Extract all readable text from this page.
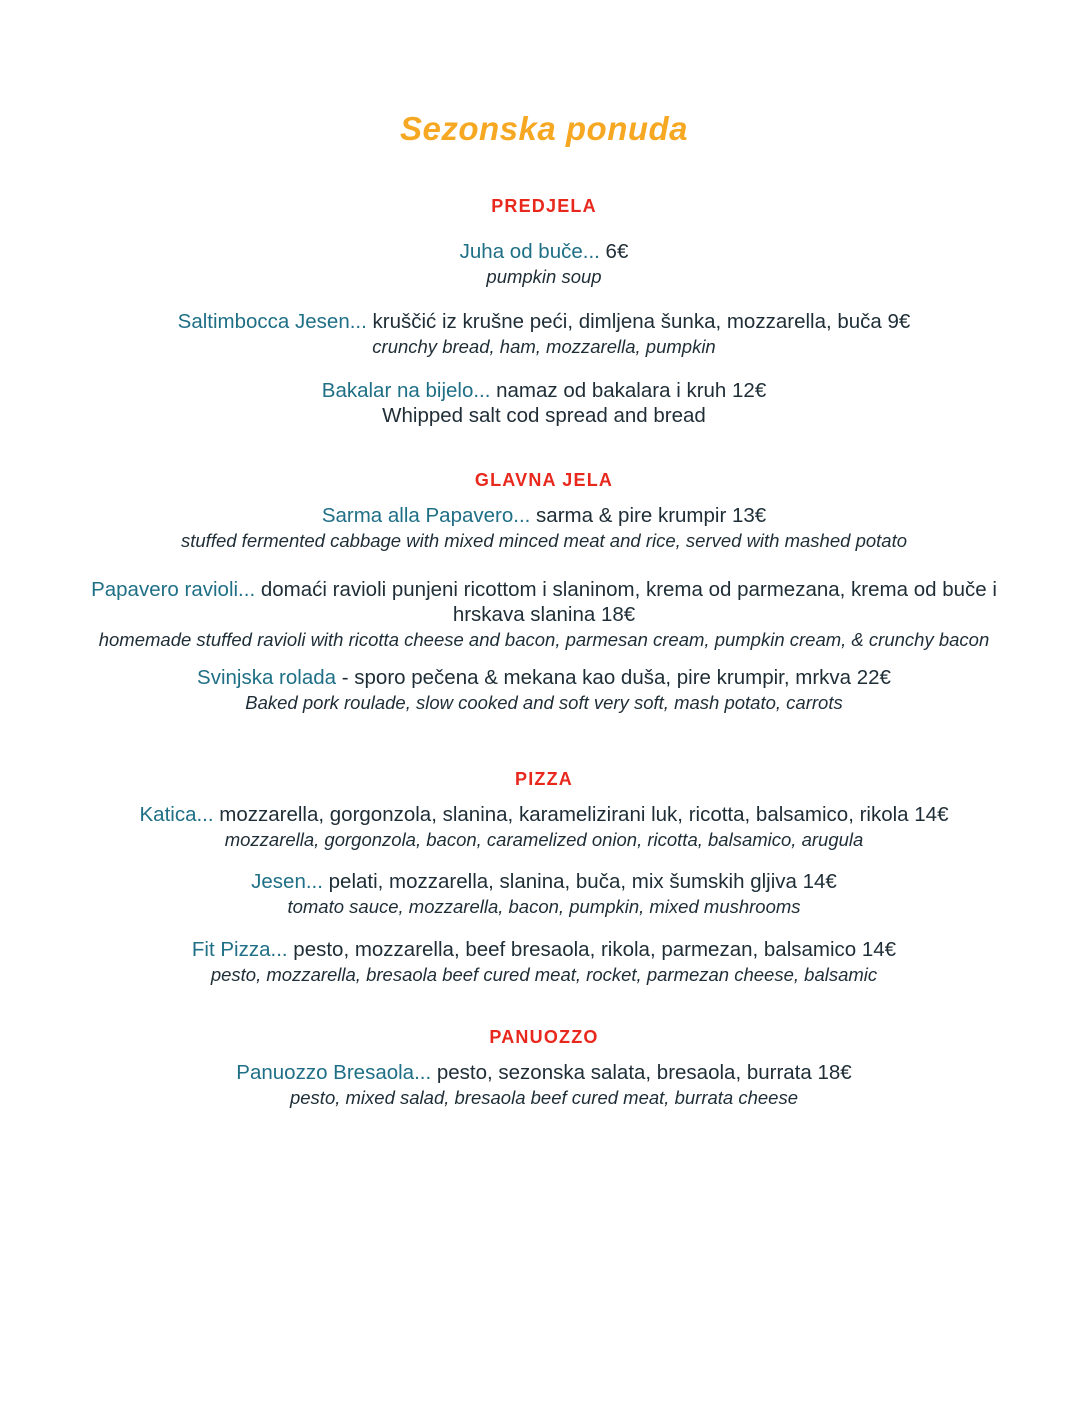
Sezonska ponuda
PREDJELA

Juha od buče... 6€

pumpkin soup

Saltimbocca Jesen... kruščić iz krušne peći, dimljena šunka, mozzarella, buča 9€

crunchy bread, ham, mozzarella, pumpkin

Bakalar na bijelo... namaz od bakalara i kruh 12€

Whipped salt cod spread and bread

GLAVNA JELA

Sarma alla Papavero... sarma & pire krumpir 13€

stuffed fermented cabbage with mixed minced meat and rice, served with mashed potato

Papavero ravioli... domaći ravioli punjeni ricottom i slaninom, krema od parmezana, krema od buče i hrskava slanina 18€

homemade stuffed ravioli with ricotta cheese and bacon, parmesan cream, pumpkin cream, & crunchy bacon

Svinjska rolada - sporo pečena & mekana kao duša, pire krumpir, mrkva 22€

Baked pork roulade, slow cooked and soft very soft, mash potato, carrots

PIZZA

Katica... mozzarella, gorgonzola, slanina, karamelizirani luk, ricotta, balsamico, rikola 14€

mozzarella, gorgonzola, bacon, caramelized onion, ricotta, balsamico, arugula

Jesen... pelati, mozzarella, slanina, buča, mix šumskih gljiva 14€

tomato sauce, mozzarella, bacon, pumpkin, mixed mushrooms

Fit Pizza... pesto, mozzarella, beef bresaola, rikola, parmezan, balsamico 14€

pesto, mozzarella, bresaola beef cured meat, rocket, parmezan cheese, balsamic

PANUOZZO

Panuozzo Bresaola... pesto, sezonska salata, bresaola, burrata 18€

pesto, mixed salad, bresaola beef cured meat, burrata cheese
